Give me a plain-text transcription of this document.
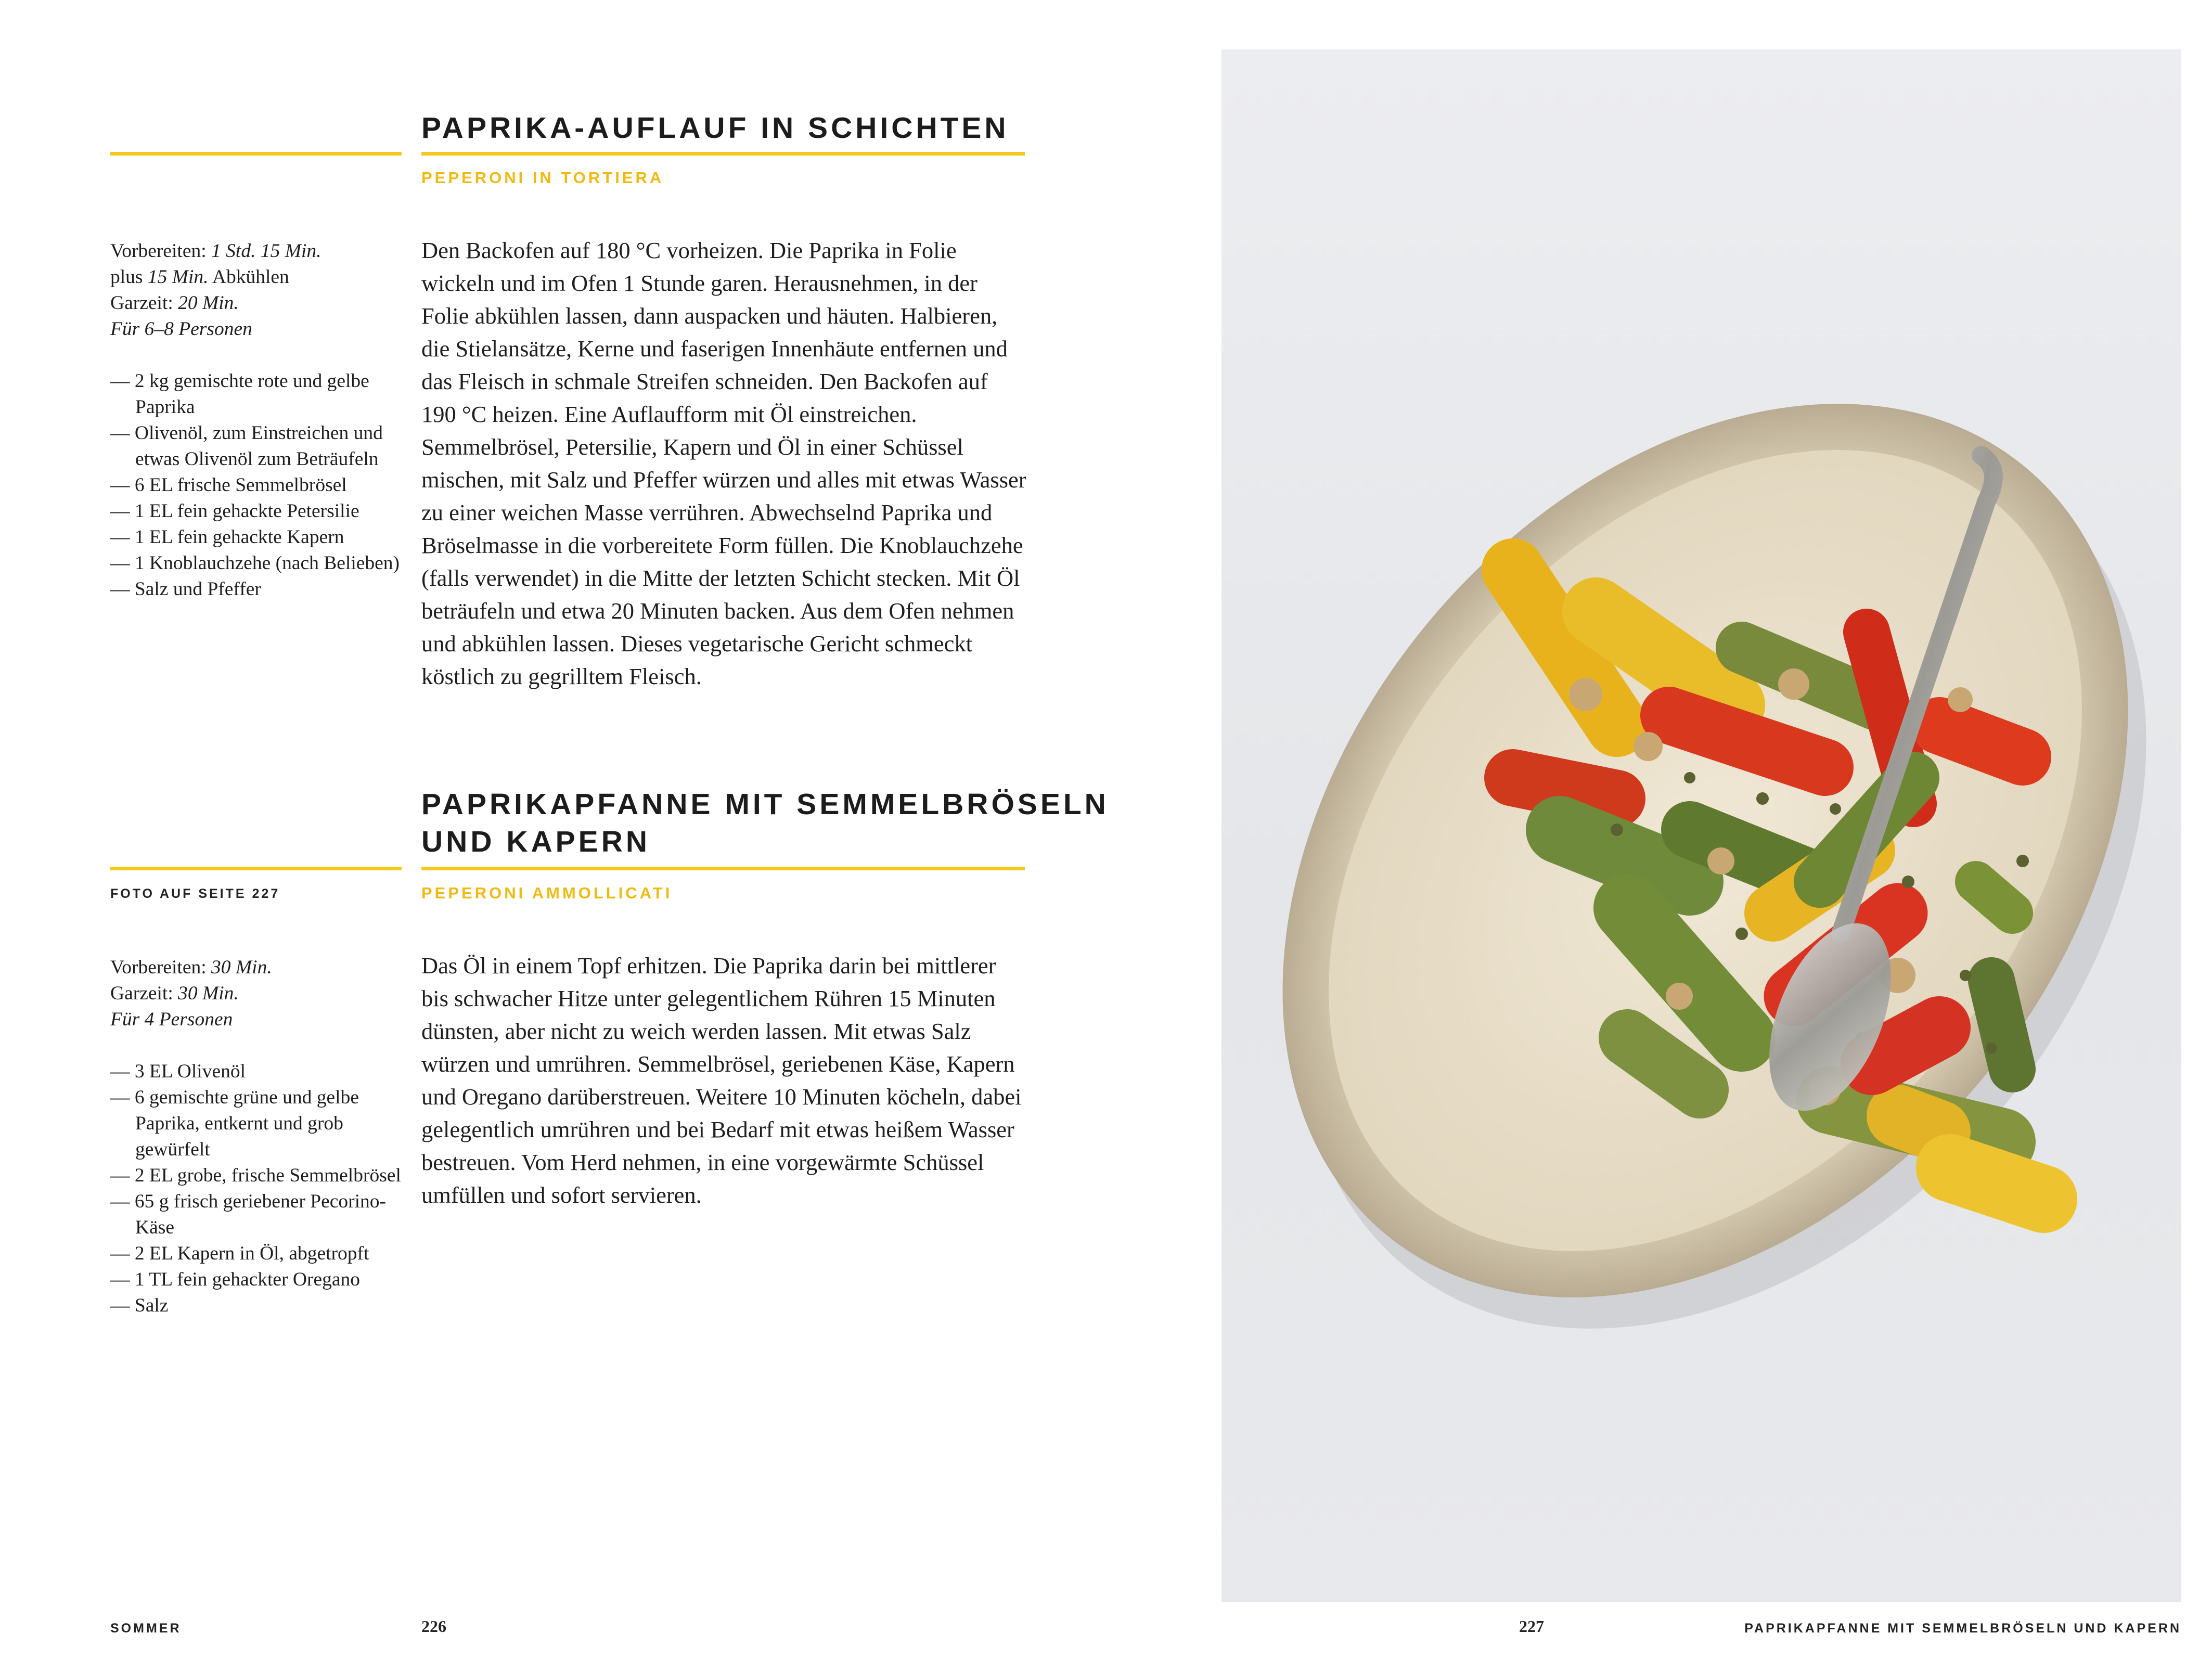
PAPRIKA-AUFLAUF IN SCHICHTEN
PEPERONI IN TORTIERA

Vorbereiten: 1 Std. 15 Min.

plus 15 Min. Abkühlen

Garzeit: 20 Min.

Für 6–8 Personen

— 2 kg gemischte rote und gelbe Paprika
— Olivenöl, zum Einstreichen und etwas Olivenöl zum Beträufeln
— 6 EL frische Semmelbrösel
— 1 EL fein gehackte Petersilie
— 1 EL fein gehackte Kapern
— 1 Knoblauchzehe (nach Belieben)
— Salz und Pfeffer

Den Backofen auf 180 °C vorheizen. Die Paprika in Folie wickeln und im Ofen 1 Stunde garen. Herausnehmen, in der Folie abkühlen lassen, dann auspacken und häuten. Halbieren, die Stielansätze, Kerne und faserigen Innenhäute entfernen und das Fleisch in schmale Streifen schneiden. Den Backofen auf 190 °C heizen. Eine Auflaufform mit Öl einstreichen. Semmelbrösel, Petersilie, Kapern und Öl in einer Schüssel mischen, mit Salz und Pfeffer würzen und alles mit etwas Wasser zu einer weichen Masse verrühren. Abwechselnd Paprika und Bröselmasse in die vorbereitete Form füllen. Die Knoblauchzehe (falls verwendet) in die Mitte der letzten Schicht stecken. Mit Öl beträufeln und etwa 20 Minuten backen. Aus dem Ofen nehmen und abkühlen lassen. Dieses vegetarische Gericht schmeckt köstlich zu gegrilltem Fleisch.

PAPRIKAPFANNE MIT SEMMELBRÖSELN
UND KAPERN
FOTO AUF SEITE 227	PEPERONI AMMOLLICATI

Vorbereiten: 30 Min.

Garzeit: 30 Min.

Für 4 Personen

— 3 EL Olivenöl
— 6 gemischte grüne und gelbe Paprika, entkernt und grob gewürfelt
— 2 EL grobe, frische Semmelbrösel
— 65 g frisch geriebener Pecorino-Käse
— 2 EL Kapern in Öl, abgetropft
— 1 TL fein gehackter Oregano
— Salz

Das Öl in einem Topf erhitzen. Die Paprika darin bei mittlerer bis schwacher Hitze unter gelegentlichem Rühren 15 Minuten dünsten, aber nicht zu weich werden lassen. Mit etwas Salz würzen und umrühren. Semmelbrösel, geriebenen Käse, Kapern und Oregano darüberstreuen. Weitere 10 Minuten köcheln, dabei gelegentlich umrühren und bei Bedarf mit etwas heißem Wasser bestreuen. Vom Herd nehmen, in eine vorgewärmte Schüssel umfüllen und sofort servieren.

SOMMER	226	227	PAPRIKAPFANNE MIT SEMMELBRÖSELN UND KAPERN
